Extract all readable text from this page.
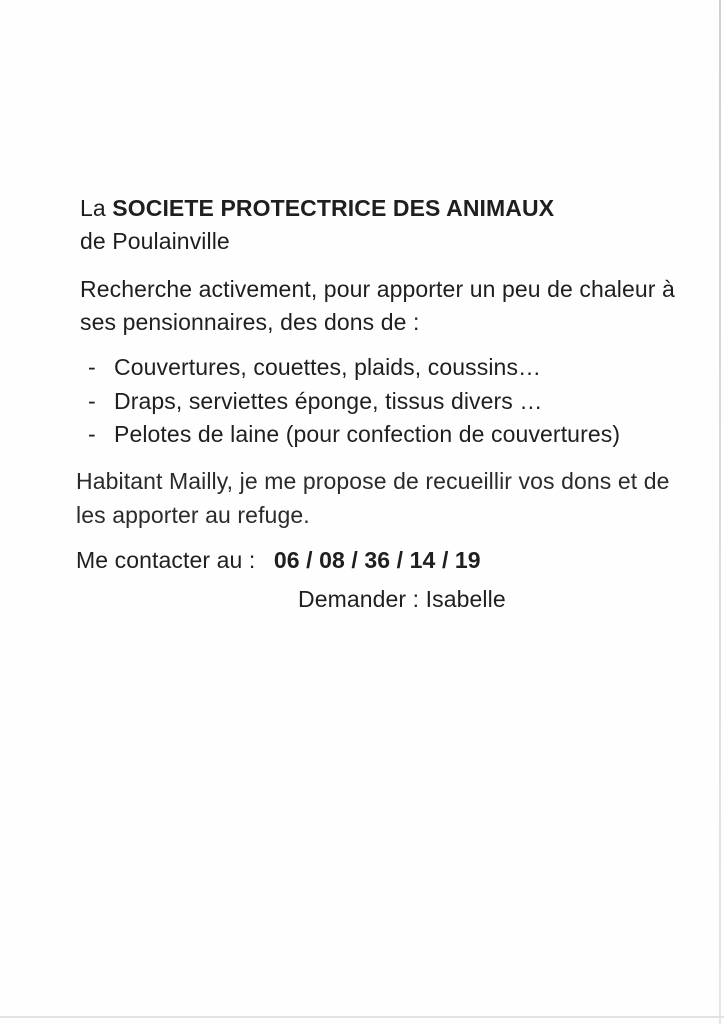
La SOCIETE PROTECTRICE DES ANIMAUX

de Poulainville

Recherche activement, pour apporter un peu de chaleur à ses pensionnaires, des dons de :

- Couvertures, couettes, plaids, coussins…
- Draps, serviettes éponge, tissus divers …
- Pelotes de laine (pour confection de couvertures)

Habitant Mailly, je me propose de recueillir vos dons et de les apporter au refuge.

Me contacter au : 06 / 08 / 36 / 14 / 19

Demander : Isabelle
